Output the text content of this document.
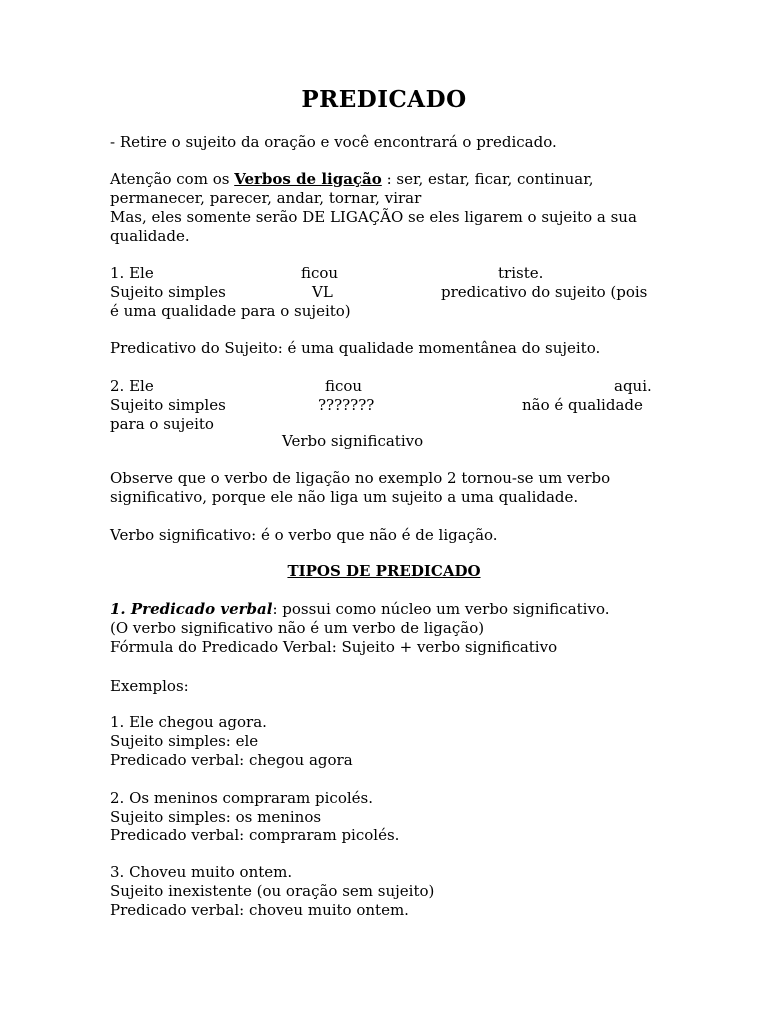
PREDICADO
- Retire o sujeito da oração e você encontrará o predicado.
Atenção com os Verbos de ligação : ser, estar, ficar, continuar,
permanecer, parecer, andar, tornar, virar
Mas, eles somente serão DE LIGAÇÃO se eles ligarem o sujeito a sua
qualidade.
1. Ele	ficou	triste.
Sujeito simples	VL	predicativo do sujeito (pois
é uma qualidade para o sujeito)
Predicativo do Sujeito: é uma qualidade momentânea do sujeito.
2. Ele	ficou	aqui.
Sujeito simples	???????	não é qualidade
para o sujeito
Verbo significativo
Observe que o verbo de ligação no exemplo 2 tornou-se um verbo
significativo, porque ele não liga um sujeito a uma qualidade.
Verbo significativo: é o verbo que não é de ligação.
TIPOS DE PREDICADO
1. Predicado verbal: possui como núcleo um verbo significativo.
(O verbo significativo não é um verbo de ligação)
Fórmula do Predicado Verbal: Sujeito + verbo significativo
Exemplos:
1. Ele chegou agora.
Sujeito simples: ele
Predicado verbal: chegou agora
2. Os meninos compraram picolés.
Sujeito simples: os meninos
Predicado verbal: compraram picolés.
3. Choveu muito ontem.
Sujeito inexistente (ou oração sem sujeito)
Predicado verbal: choveu muito ontem.
